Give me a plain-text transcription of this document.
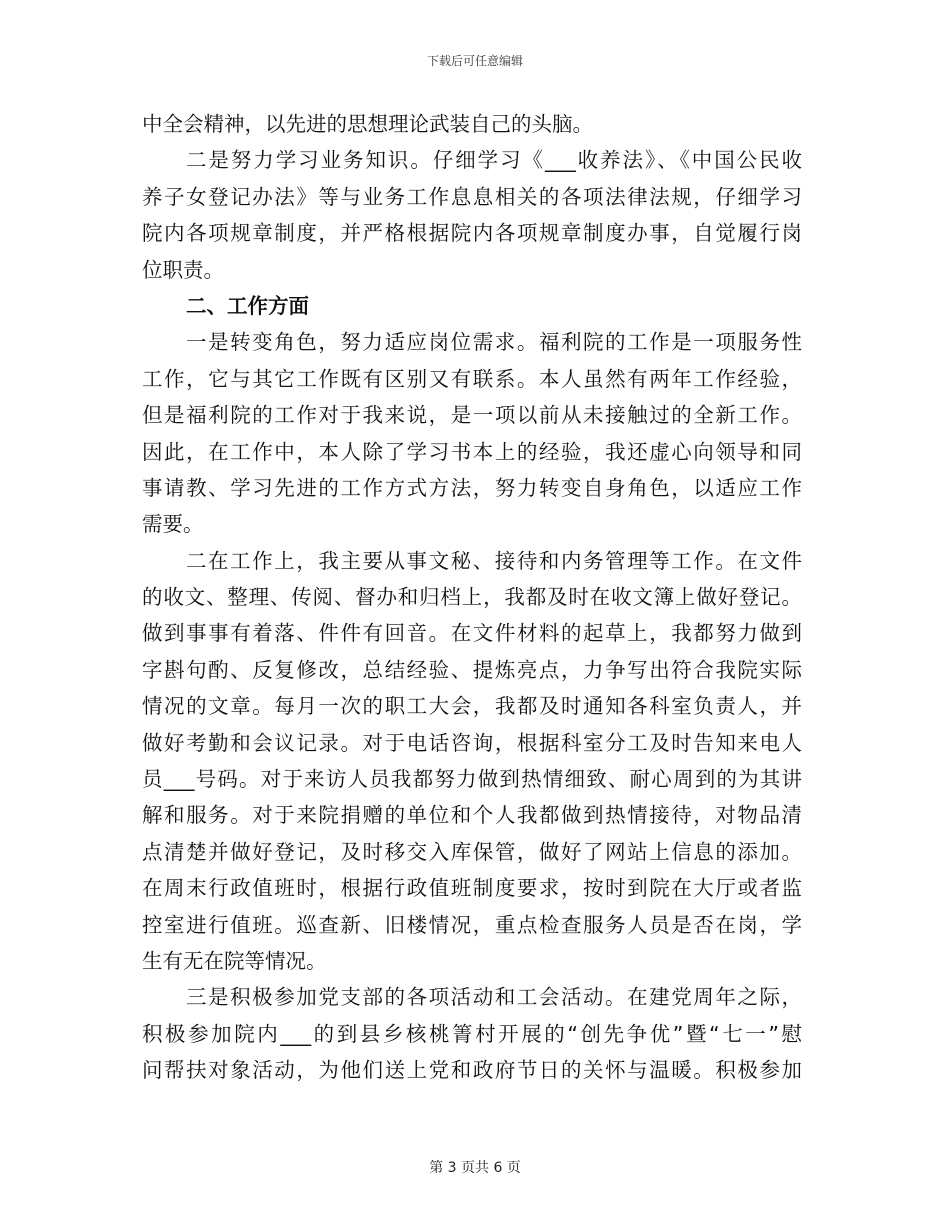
下载后可任意编辑
中全会精神，以先进的思想理论武装自己的头脑。
二是努力学习业务知识。仔细学习《___收养法》、《中国公民收
养子女登记办法》等与业务工作息息相关的各项法律法规，仔细学习
院内各项规章制度，并严格根据院内各项规章制度办事，自觉履行岗
位职责。
二、工作方面
一是转变角色，努力适应岗位需求。福利院的工作是一项服务性
工作，它与其它工作既有区别又有联系。本人虽然有两年工作经验，
但是福利院的工作对于我来说，是一项以前从未接触过的全新工作。
因此，在工作中，本人除了学习书本上的经验，我还虚心向领导和同
事请教、学习先进的工作方式方法，努力转变自身角色，以适应工作
需要。
二在工作上，我主要从事文秘、接待和内务管理等工作。在文件
的收文、整理、传阅、督办和归档上，我都及时在收文簿上做好登记。
做到事事有着落、件件有回音。在文件材料的起草上，我都努力做到
字斟句酌、反复修改，总结经验、提炼亮点，力争写出符合我院实际
情况的文章。每月一次的职工大会，我都及时通知各科室负责人，并
做好考勤和会议记录。对于电话咨询，根据科室分工及时告知来电人
员___号码。对于来访人员我都努力做到热情细致、耐心周到的为其讲
解和服务。对于来院捐赠的单位和个人我都做到热情接待，对物品清
点清楚并做好登记，及时移交入库保管，做好了网站上信息的添加。
在周末行政值班时，根据行政值班制度要求，按时到院在大厅或者监
控室进行值班。巡查新、旧楼情况，重点检查服务人员是否在岗，学
生有无在院等情况。
三是积极参加党支部的各项活动和工会活动。在建党周年之际，
积极参加院内___的到县乡核桃箐村开展的“创先争优”暨“七一”慰
问帮扶对象活动，为他们送上党和政府节日的关怀与温暖。积极参加
第 3 页共 6 页
